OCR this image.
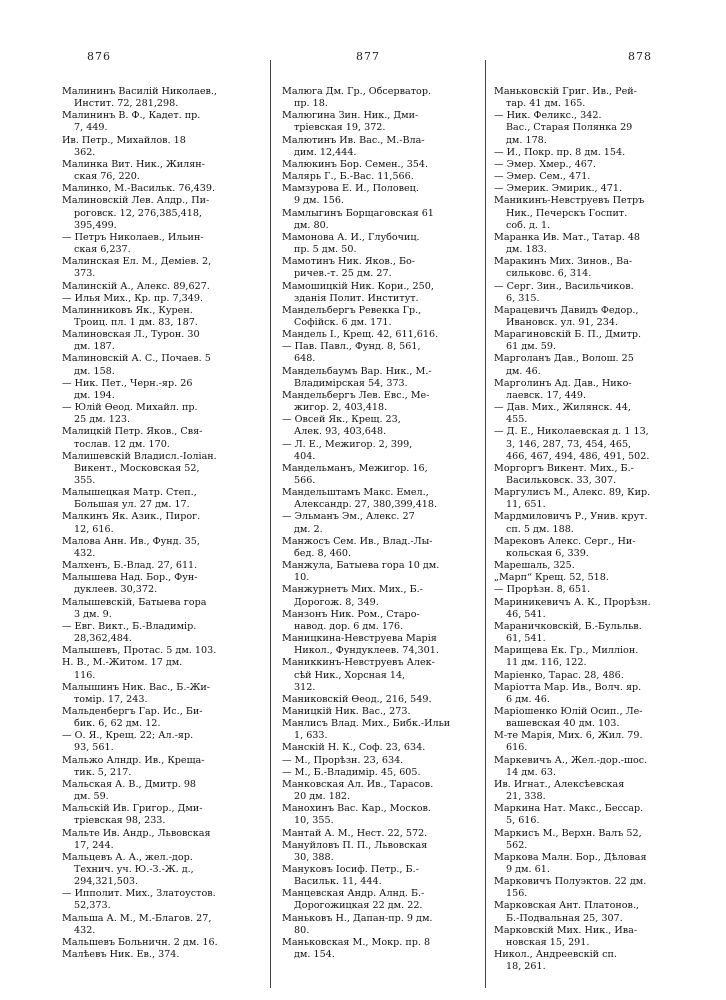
876	877	878
Малининъ Василій Николаев.,
Инстит. 72, 281,298.
Малининъ В. Ф., Кадет. пр.
7, 449.
Ив. Петр., Михайлов. 18
362.
Малинка Вит. Ник., Жилян-
ская 76, 220.
Малинко, М.-Васильк. 76,439.
Малиновскій Лев. Алдр., Пи-
роговск. 12, 276,385,418,
395,499.
— Петръ Николаев., Ильин-
ская 6,237.
Малинская Ел. М., Демiев. 2,
373.
Малинскій А., Алекс. 89,627.
— Илья Мих., Кр. пр. 7,349.
Малинниковъ Як., Курен.
Троиц. пл. 1 дм. 83, 187.
Малиновская Л., Турон. 30
дм. 187.
Малиновскій А. С., Почаев. 5
дм. 158.
— Ник. Пет., Черн.-яр. 26
дм. 194.
— Юлій Өеод. Михайл. пр.
25 дм. 123.
Малицкій Петр. Яков., Свя-
тослав. 12 дм. 170.
Малишевскій Владисл.-Іоліан.
Викент., Московская 52,
355.
Малышецкая Матр. Степ.,
Большая ул. 27 дм. 17.
Малкинъ Як. Азик., Пирог.
12, 616.
Малова Анн. Ив., Фунд. 35,
432.
Малхенъ, Б.-Влад. 27, 611.
Малышева Над. Бор., Фун-
дуклеев. 30,372.
Малышевскій, Батыева гора
3 дм. 9.
— Евг. Викт., Б.-Владимір.
28,362,484.
Малышевъ, Протас. 5 дм. 103.
Н. В., М.-Житом. 17 дм.
116.
Малышинъ Ник. Вас., Б.-Жи-
томір. 17, 243.
Мальденбергъ Гар. Ис., Би-
бик. 6, 62 дм. 12.
— О. Я., Крещ. 22; Ал.-яр.
93, 561.
Мальжо Алндр. Ив., Креща-
тик. 5, 217.
Мальская А. В., Дмитр. 98
дм. 59.
Мальскій Ив. Григор., Дми-
тріевская 98, 233.
Мальте Ив. Андр., Львовская
17, 244.
Мальцевъ А. А., жел.-дор.
Технич. уч. Ю.-З.-Ж. д.,
294,321,503.
— Ипполит. Мих., Златоустов.
52,373.
Мальша А. М., М.-Благов. 27,
432.
Мальшевъ Больничн. 2 дм. 16.
Малѣевъ Ник. Ев., 374.
Малюга Дм. Гр., Обсерватор.
пр. 18.
Малюгина Зин. Ник., Дми-
тріевская 19, 372.
Малютинъ Ив. Вас., М.-Вла-
дим. 12,444.
Малюкинъ Бор. Семен., 354.
Малярь Г., Б.-Вас. 11,566.
Мамзурова Е. И., Половец.
9 дм. 156.
Мамлыгинъ Борщаговская 61
дм. 80.
Мамонова А. И., Глубочиц.
пр. 5 дм. 50.
Мамотинъ Ник. Яков., Бо-
ричев.-т. 25 дм. 27.
Мамошицкій Ник. Кори., 250,
зданія Полит. Институт.
Мандельбергъ Ревекка Гр.,
Софійск. 6 дм. 171.
Мандель I., Крещ. 42, 611,616.
— Пав. Павл., Фунд. 8, 561,
648.
Мандельбаумъ Вар. Ник., М.-
Владимірская 54, 373.
Мандельбергъ Лев. Евс., Ме-
жигор. 2, 403,418.
— Овсей Як., Крещ. 23,
Алек. 93, 403,648.
— Л. Е., Межигор. 2, 399,
404.
Мандельманъ, Межигор. 16,
566.
Мандельштамъ Макс. Емел.,
Александр. 27, 380,399,418.
— Эльманъ Эм., Алекс. 27
дм. 2.
Манжосъ Сем. Ив., Влад.-Лы-
бед. 8, 460.
Манжула, Батыева гора 10 дм.
10.
Манжурнетъ Мих. Мих., Б.-
Дорогож. 8, 349.
Манзонъ Ник. Ром., Старо-
навод. дор. 6 дм. 176.
Маницкина-Невструева Марія
Никол., Фундуклеев. 74,301.
Маниккинъ-Невструевъ Алек-
сѣй Ник., Хорсная 14,
312.
Маниковскій Өеод., 216, 549.
Маницкій Ник. Вас., 273.
Манлисъ Влад. Мих., Бибк.-Ильи
1, 633.
Манскій Н. К., Соф. 23, 634.
— М., Прорѣзн. 23, 634.
— М., Б.-Владимір. 45, 605.
Манковская Ал. Ив., Тарасов.
20 дм. 182.
Манохинъ Вас. Кар., Москов.
10, 355.
Мантай А. М., Нест. 22, 572.
Мануйловъ П. П., Львовская
30, 388.
Мануковъ Іосиф. Петр., Б.-
Васильк. 11, 444.
Манцевская Андр. Алнд. Б.-
Дорогожицкая 22 дм. 22.
Маньковъ Н., Дапан-пр. 9 дм.
80.
Маньковская М., Мокр. пр. 8
дм. 154.
Маньковскій Григ. Ив., Рей-
тар. 41 дм. 165.
— Ник. Феликс., 342.
Вас., Старая Полянка 29
дм. 178.
— И., Покр. пр. 8 дм. 154.
— Эмер. Хмер., 467.
— Эмер. Сем., 471.
— Эмерик. Эмирик., 471.
Маникинъ-Невструевъ Петръ
Ник., Печерскъ Госпит.
соб. д. 1.
Маранка Ив. Мат., Татар. 48
дм. 183.
Маракинъ Мих. Зинов., Ва-
сильковс. 6, 314.
— Серг. Зин., Васильчиков.
6, 315.
Марацевичъ Давидъ Федор.,
Ивановск. ул. 91, 234.
Марагиновскій Б. П., Дмитр.
61 дм. 59.
Марголанъ Дав., Волош. 25
дм. 46.
Марголинъ Ад. Дав., Нико-
лаевск. 17, 449.
— Дав. Мих., Жилянск. 44,
455.
— Д. Е., Николаевская д. 1 13,
3, 146, 287, 73, 454, 465,
466, 467, 494, 486, 491, 502.
Моргоргъ Викент. Мих., Б.-
Васильковск. 33, 307.
Маргулисъ М., Алекс. 89, Кир.
11, 651.
Мардмиловичъ Р., Унив. крут.
сп. 5 дм. 188.
Марековъ Алекс. Серг., Ни-
кольская 6, 339.
Марешаль, 325.
„Марп“ Крещ. 52, 518.
— Прорѣзн. 8, 651.
Мариникевичъ А. К., Прорѣзн.
46, 541.
Мараничковскій, Б.-Бульльв.
61, 541.
Марищева Ек. Гр., Милліон.
11 дм. 116, 122.
Маріенко, Тарас. 28, 486.
Маріотта Мар. Ив., Волч. яр.
6 дм. 46.
Маріошенко Юлій Осип., Ле-
вашевская 40 дм. 103.
М-те Марія, Мих. 6, Жил. 79.
616.
Маркевичъ А., Жел.-дор.-шос.
14 дм. 63.
Ив. Игнат., Алексѣевская
21, 338.
Маркина Нат. Макс., Бессар.
5, 616.
Маркисъ М., Верхн. Валъ 52,
562.
Маркова Малн. Бор., Дѣловая
9 дм. 61.
Марковичъ Полуэктов. 22 дм.
156.
Марковская Ант. Платонов.,
Б.-Подвальная 25, 307.
Марковскій Мих. Ник., Ива-
новская 15, 291.
Никол., Андреевскій сп.
18, 261.
